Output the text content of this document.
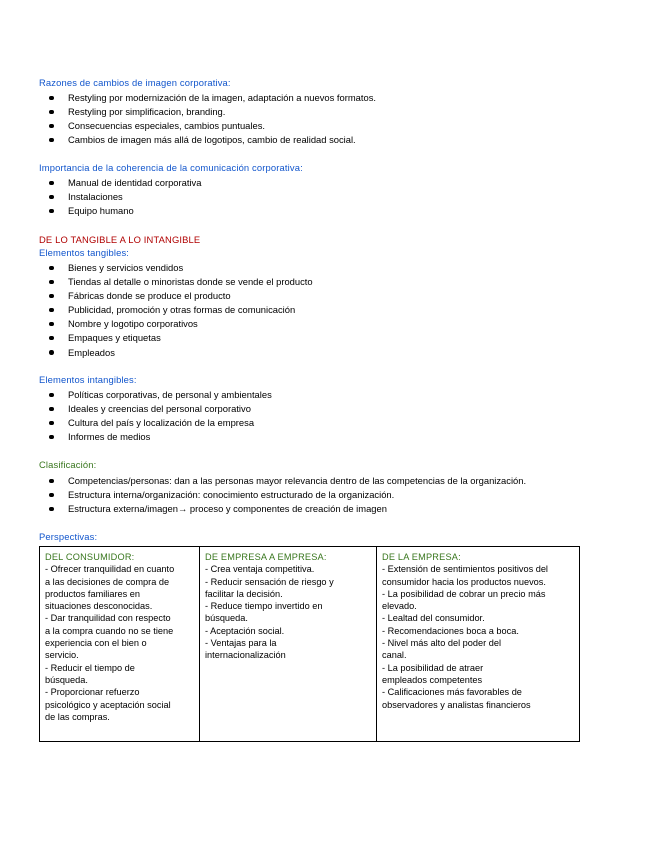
Razones de cambios de imagen corporativa:
Restyling por modernización de la imagen, adaptación a nuevos formatos.
Restyling por simplificacion, branding.
Consecuencias especiales, cambios puntuales.
Cambios de imagen más allá de logotipos, cambio de realidad social.
Importancia de la coherencia de la comunicación corporativa:
Manual de identidad corporativa
Instalaciones
Equipo humano
DE LO TANGIBLE A LO INTANGIBLE
Elementos tangibles:
Bienes y servicios vendidos
Tiendas al detalle o minoristas donde se vende el producto
Fábricas donde se produce el producto
Publicidad, promoción y otras formas de comunicación
Nombre y logotipo corporativos
Empaques y etiquetas
Empleados
Elementos intangibles:
Políticas corporativas, de personal y ambientales
Ideales y creencias del personal corporativo
Cultura del país y localización de la empresa
Informes de medios
Clasificación:
Competencias/personas: dan a las personas mayor relevancia dentro de las competencias de la organización.
Estructura interna/organización: conocimiento estructurado de la organización.
Estructura externa/imagen→ proceso y componentes de creación de imagen
Perspectivas:
DEL CONSUMIDOR:
- Ofrecer tranquilidad en cuanto
a las decisiones de compra de
productos familiares en
situaciones desconocidas.
- Dar tranquilidad con respecto
a la compra cuando no se tiene
experiencia con el bien o
servicio.
- Reducir el tiempo de
búsqueda.
- Proporcionar refuerzo
psicológico y aceptación social
de las compras.

DE EMPRESA A EMPRESA:
- Crea ventaja competitiva.
- Reducir sensación de riesgo y
facilitar la decisión.
- Reduce tiempo invertido en
búsqueda.
- Aceptación social.
- Ventajas para la
internacionalización

DE LA EMPRESA:
- Extensión de sentimientos positivos del
consumidor hacia los productos nuevos.
- La posibilidad de cobrar un precio más
elevado.
- Lealtad del consumidor.
- Recomendaciones boca a boca.
- Nivel más alto del poder del
canal.
- La posibilidad de atraer
empleados competentes
- Calificaciones más favorables de
observadores y analistas financieros
